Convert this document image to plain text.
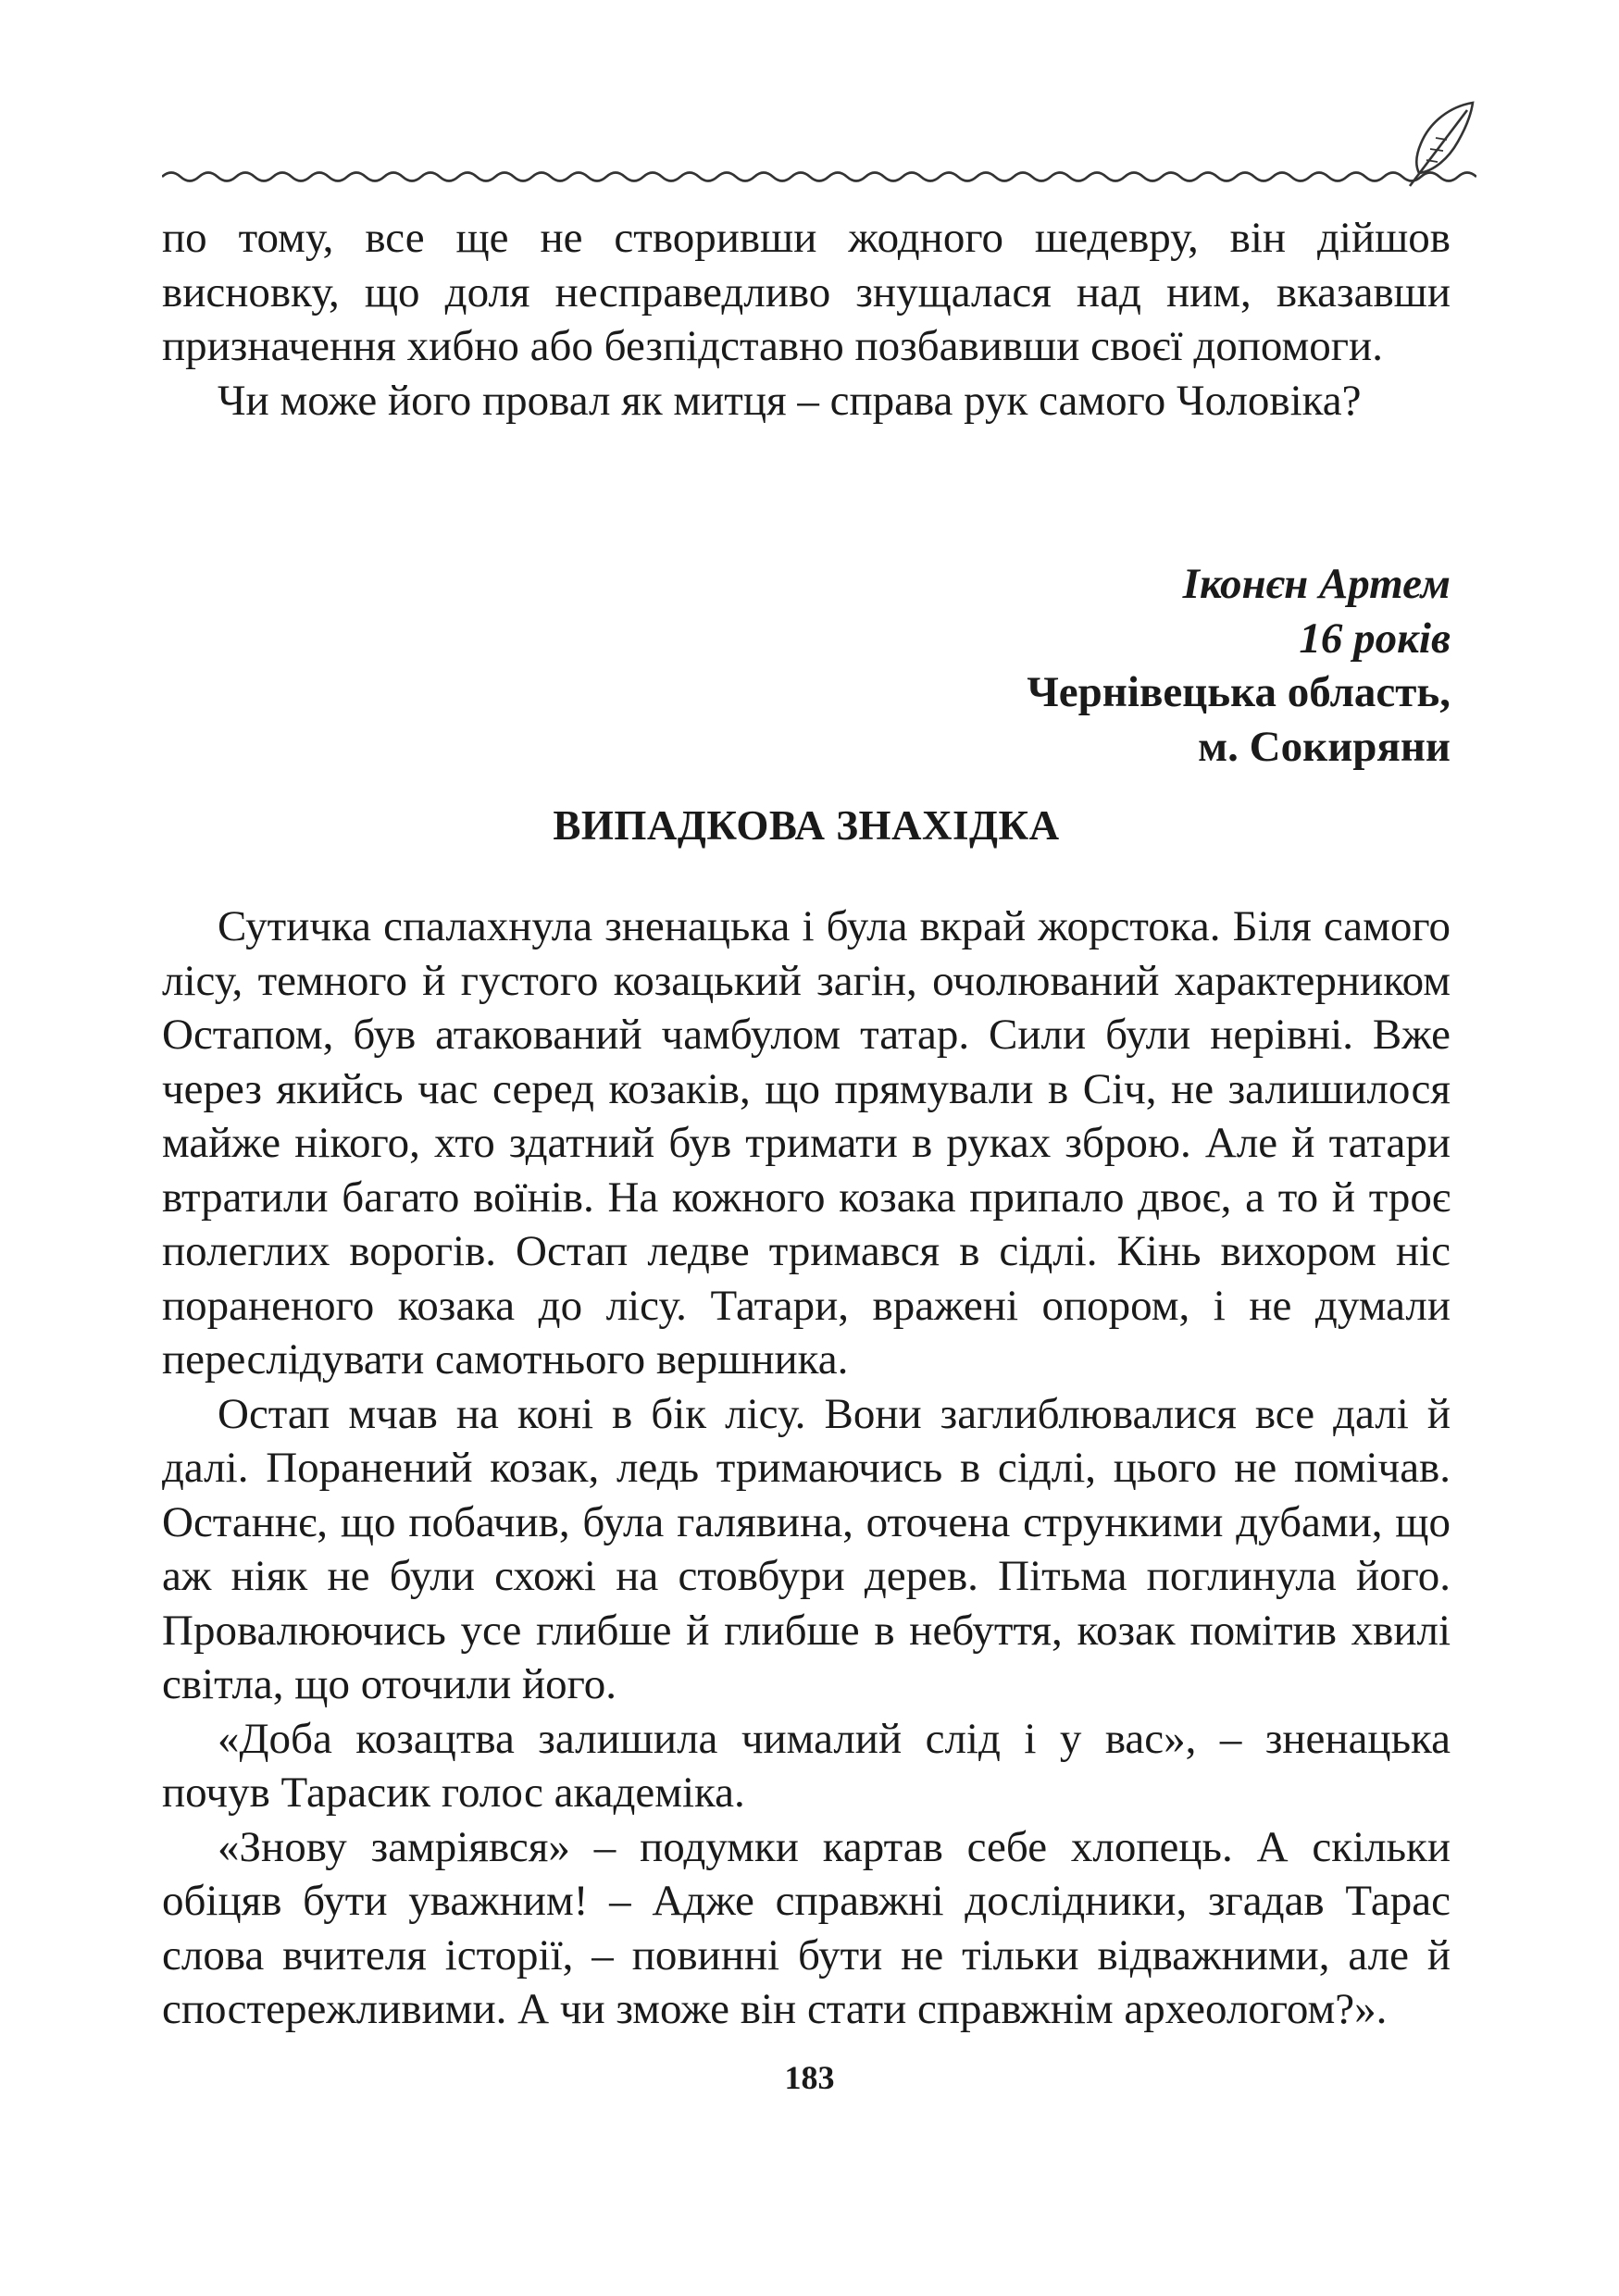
по тому, все ще не створивши жодного шедевру, він дійшов висновку, що доля несправедливо знущалася над ним, вказавши призначення хибно або безпідставно позбавивши своєї допомоги.

Чи може його провал як митця – справа рук самого Чоловіка?

Іконєн Артем
16 років
Чернівецька область,
м. Сокиряни
ВИПАДКОВА ЗНАХІДКА

Сутичка спалахнула зненацька і була вкрай жорстока. Біля самого лісу, темного й густого козацький загін, очолюваний характерником Остапом, був атакований чамбулом татар. Сили були нерівні. Вже через якийсь час серед козаків, що прямували в Січ, не залишилося майже нікого, хто здатний був тримати в руках зброю. Але й татари втратили багато воїнів. На кожного козака припало двоє, а то й троє полеглих ворогів. Остап ледве тримався в сідлі. Кінь вихором ніс пораненого козака до лісу. Татари, вражені опором, і не думали переслідувати самотнього вершника.

Остап мчав на коні в бік лісу. Вони заглиблювалися все далі й далі. Поранений козак, ледь тримаючись в сідлі, цього не помічав. Останнє, що побачив, була галявина, оточена стрункими дубами, що аж ніяк не були схожі на стовбури дерев. Пітьма поглинула його. Провалюючись усе глибше й глибше в небуття, козак помітив хвилі світла, що оточили його.

«Доба козацтва залишила чималий слід і у вас», – зненацька почув Тарасик голос академіка.

«Знову замріявся» – подумки картав себе хлопець. А скільки обіцяв бути уважним! – Адже справжні дослідники, згадав Тарас слова вчителя історії, – повинні бути не тільки відважними, але й спостережливими. А чи зможе він стати справжнім археологом?».

183
